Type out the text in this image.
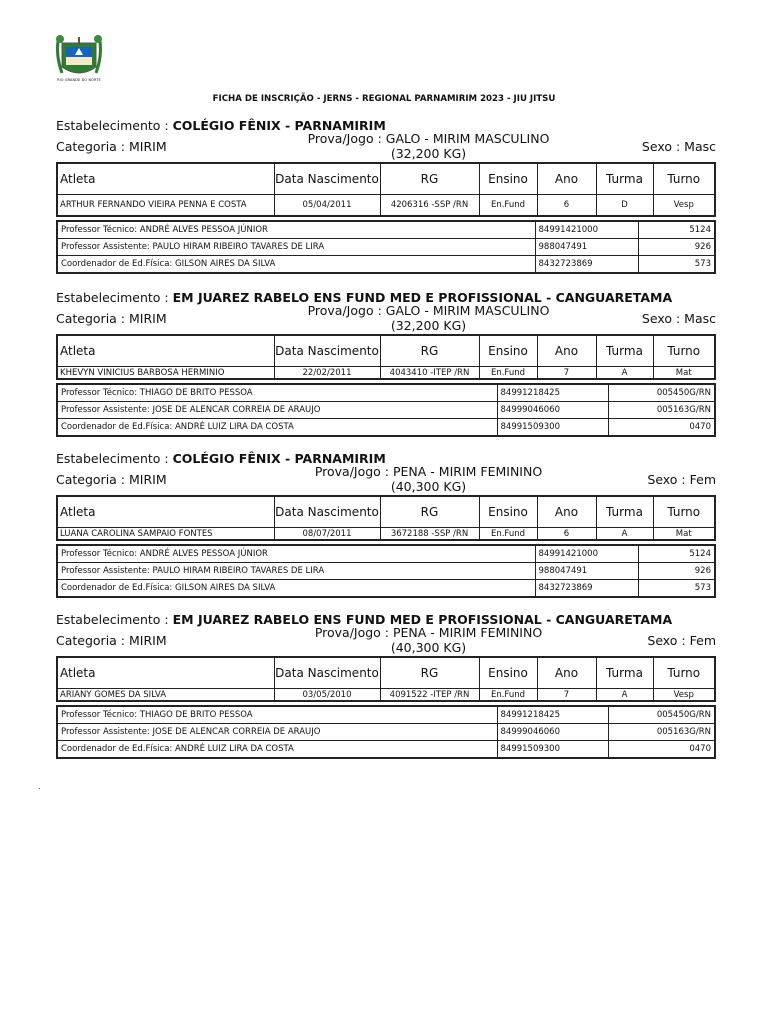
RIO GRANDE DO NORTE
FICHA DE INSCRIÇÃO - JERNS - REGIONAL PARNAMIRIM 2023 - JIU JITSU
Estabelecimento : COLÉGIO FÊNIX - PARNAMIRIM
Categoria : MIRIM
Prova/Jogo : GALO - MIRIM MASCULINO
(32,200 KG)	Sexo : Masc
Atleta	Data Nascimento	RG	Ensino	Ano	Turma	Turno
ARTHUR FERNANDO VIEIRA PENNA E COSTA	05/04/2011	4206316 -SSP /RN	En.Fund	6	D	Vesp
Professor Técnico: ANDRÉ ALVES PESSOA JÚNIOR	84991421000	5124
Professor Assistente: PAULO HIRAM RIBEIRO TAVARES DE LIRA	988047491	926
Coordenador de Ed.Física: GILSON AIRES DA SILVA	8432723869	573
Estabelecimento : EM JUAREZ RABELO ENS FUND MED E PROFISSIONAL - CANGUARETAMA
Categoria : MIRIM
Prova/Jogo : GALO - MIRIM MASCULINO
(32,200 KG)	Sexo : Masc
Atleta	Data Nascimento	RG	Ensino	Ano	Turma	Turno
KHEVYN VINICIUS BARBOSA HERMINIO	22/02/2011	4043410 -ITEP /RN	En.Fund	7	A	Mat
Professor Técnico: THIAGO DE BRITO PESSOA	84991218425	005450G/RN
Professor Assistente: JOSE DE ALENCAR CORREIA DE ARAUJO	84999046060	005163G/RN
Coordenador de Ed.Física: ANDRÉ LUIZ LIRA DA COSTA	84991509300	0470
Estabelecimento : COLÉGIO FÊNIX - PARNAMIRIM
Categoria : MIRIM
Prova/Jogo : PENA - MIRIM FEMININO
(40,300 KG)	Sexo : Fem
Atleta	Data Nascimento	RG	Ensino	Ano	Turma	Turno
LUANA CAROLINA SAMPAIO FONTES	08/07/2011	3672188 -SSP /RN	En.Fund	6	A	Mat
Professor Técnico: ANDRÉ ALVES PESSOA JÚNIOR	84991421000	5124
Professor Assistente: PAULO HIRAM RIBEIRO TAVARES DE LIRA	988047491	926
Coordenador de Ed.Física: GILSON AIRES DA SILVA	8432723869	573
Estabelecimento : EM JUAREZ RABELO ENS FUND MED E PROFISSIONAL - CANGUARETAMA
Categoria : MIRIM
Prova/Jogo : PENA - MIRIM FEMININO
(40,300 KG)	Sexo : Fem
Atleta	Data Nascimento	RG	Ensino	Ano	Turma	Turno
ARIANY GOMES DA SILVA	03/05/2010	4091522 -ITEP /RN	En.Fund	7	A	Vesp
Professor Técnico: THIAGO DE BRITO PESSOA	84991218425	005450G/RN
Professor Assistente: JOSE DE ALENCAR CORREIA DE ARAUJO	84999046060	005163G/RN
Coordenador de Ed.Física: ANDRÉ LUIZ LIRA DA COSTA	84991509300	0470
.
